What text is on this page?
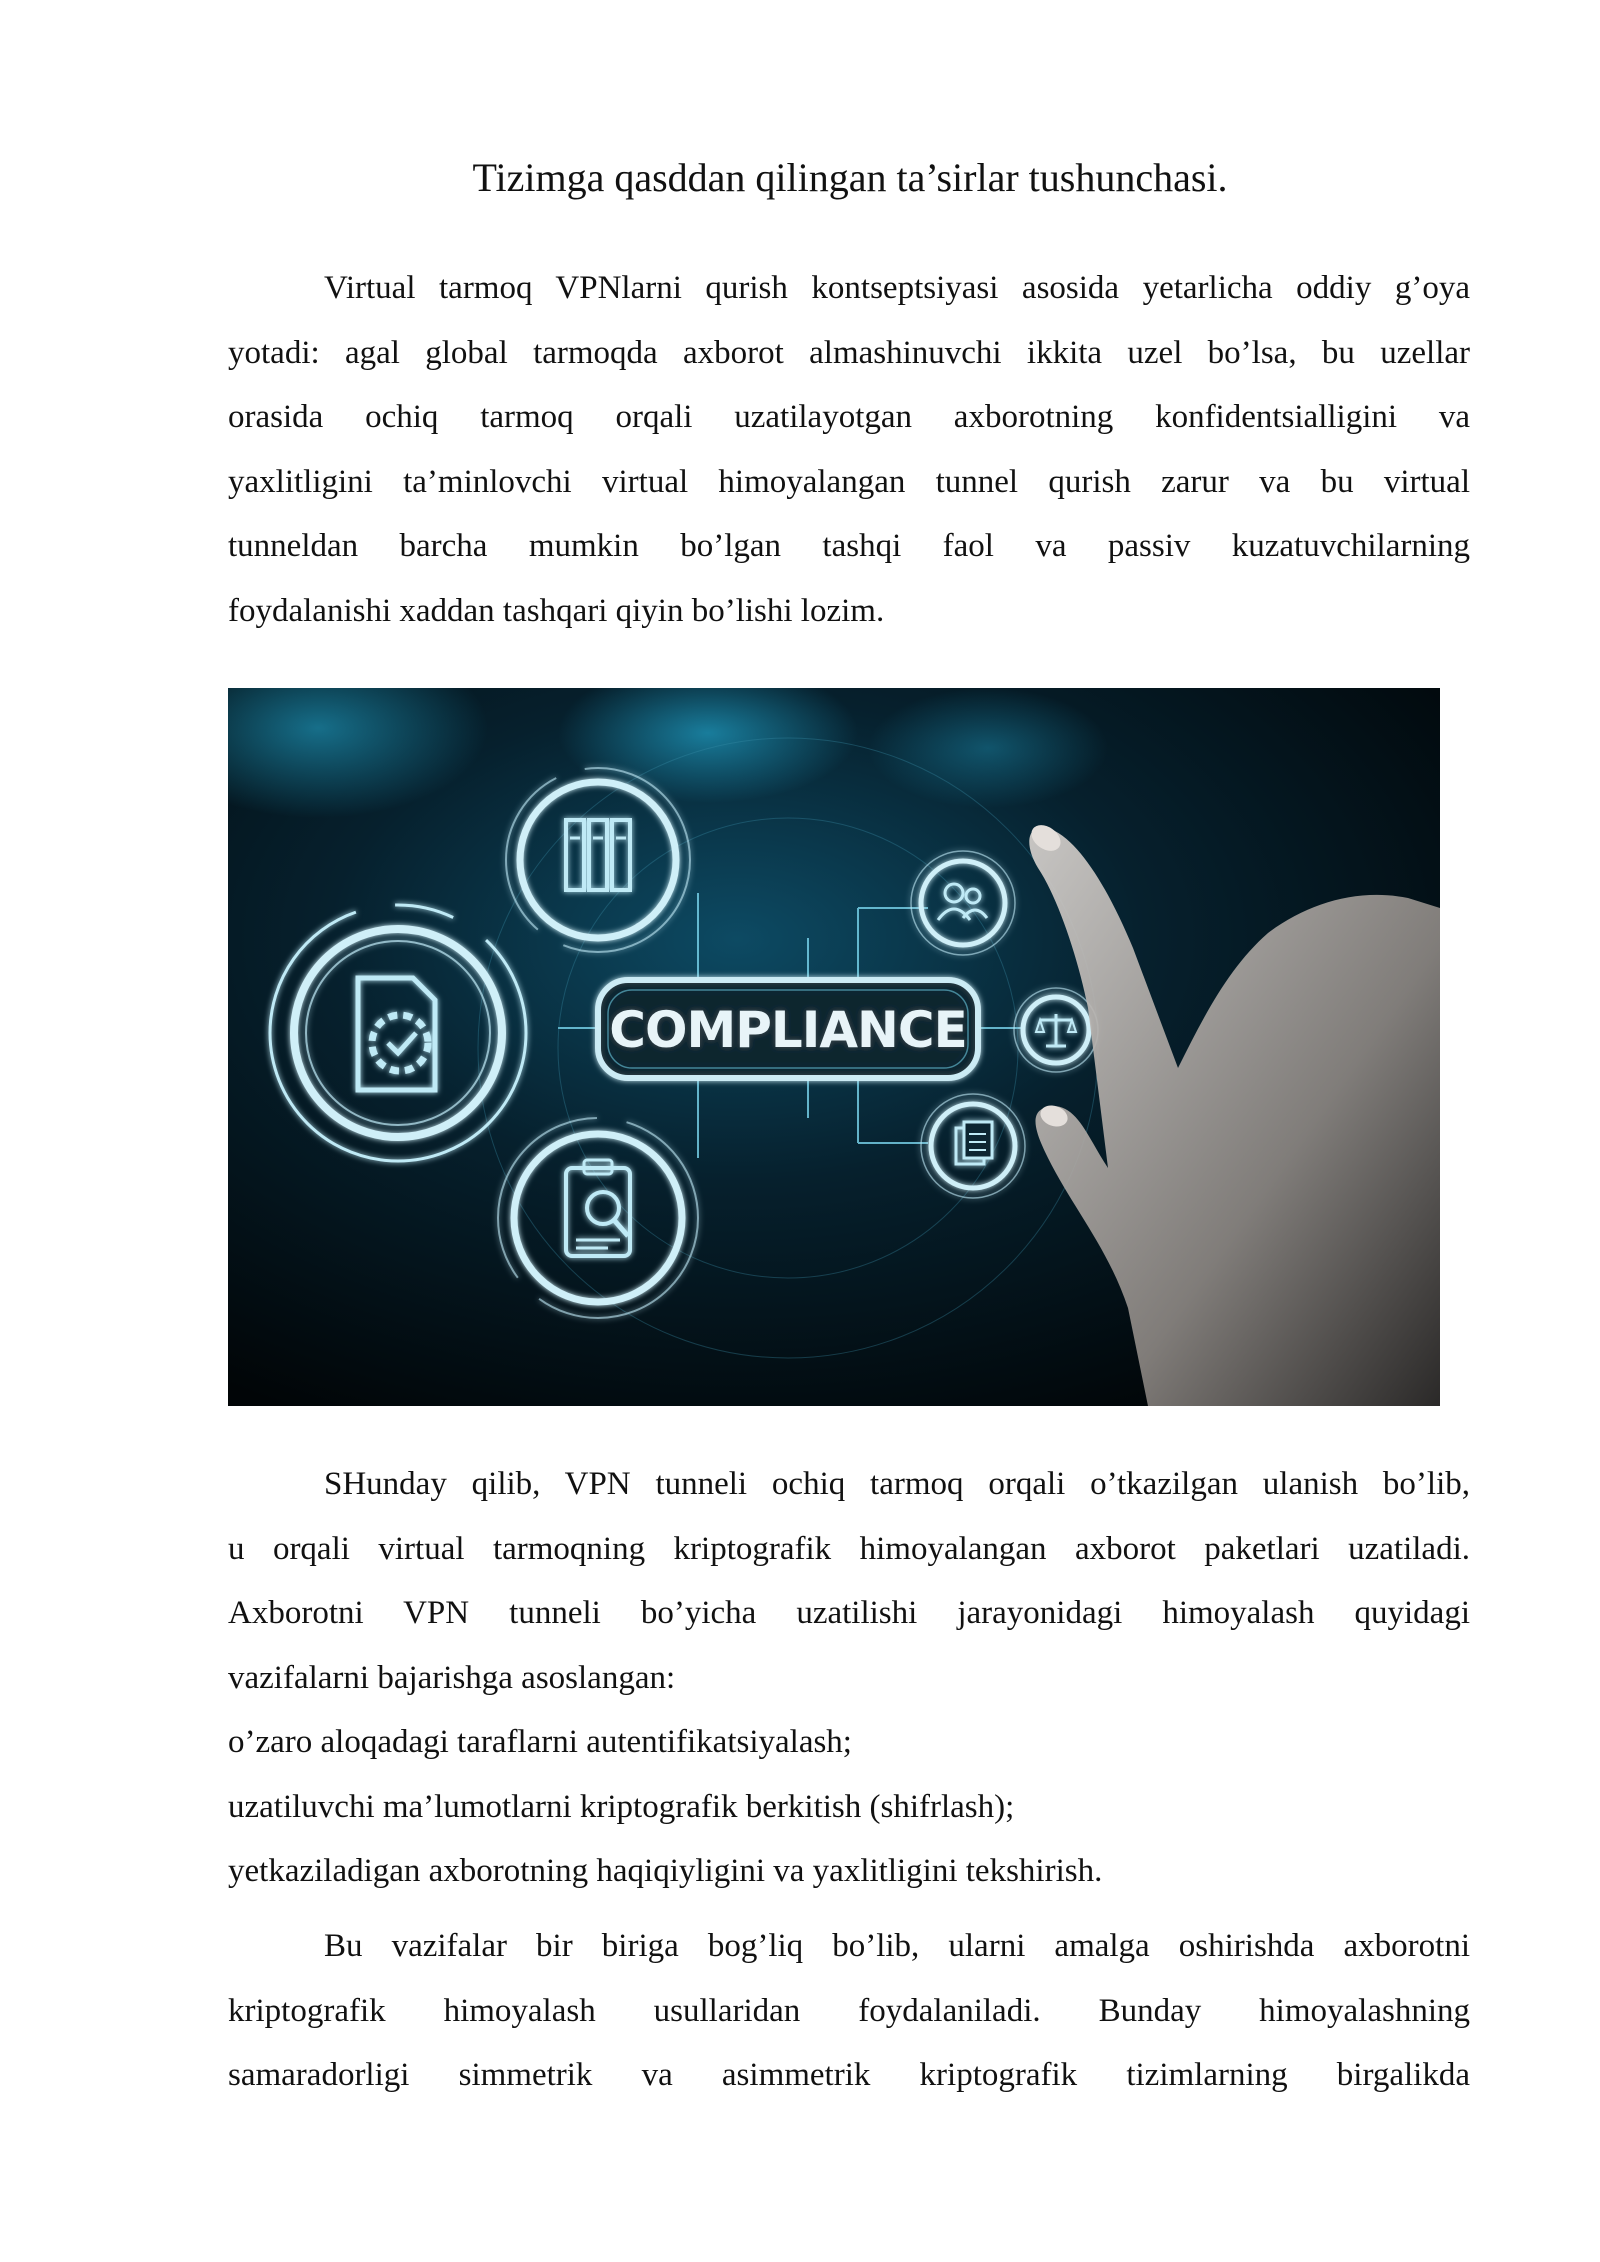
Tizimga qasddan qilingan ta’sirlar tushunchasi.
Virtual tarmoq VPNlarni qurish kontseptsiyasi asosida yetarlicha oddiy g’oya
yotadi: agal global tarmoqda axborot almashinuvchi ikkita uzel bo’lsa, bu uzellar
orasida ochiq tarmoq orqali uzatilayotgan axborotning konfidentsialligini va
yaxlitligini ta’minlovchi virtual himoyalangan tunnel qurish zarur va bu virtual
tunneldan barcha mumkin bo’lgan tashqi faol va passiv kuzatuvchilarning
foydalanishi xaddan tashqari qiyin bo’lishi lozim.
COMPLIANCE
SHunday qilib, VPN tunneli ochiq tarmoq orqali o’tkazilgan ulanish bo’lib,
u orqali virtual tarmoqning kriptografik himoyalangan axborot paketlari uzatiladi.
Axborotni VPN tunneli bo’yicha uzatilishi jarayonidagi himoyalash quyidagi
vazifalarni bajarishga asoslangan:
o’zaro aloqadagi taraflarni autentifikatsiyalash;
uzatiluvchi ma’lumotlarni kriptografik berkitish (shifrlash);
yetkaziladigan axborotning haqiqiyligini va yaxlitligini tekshirish.
Bu vazifalar bir biriga bog’liq bo’lib, ularni amalga oshirishda axborotni
kriptografik himoyalash usullaridan foydalaniladi. Bunday himoyalashning
samaradorligi simmetrik va asimmetrik kriptografik tizimlarning birgalikda
